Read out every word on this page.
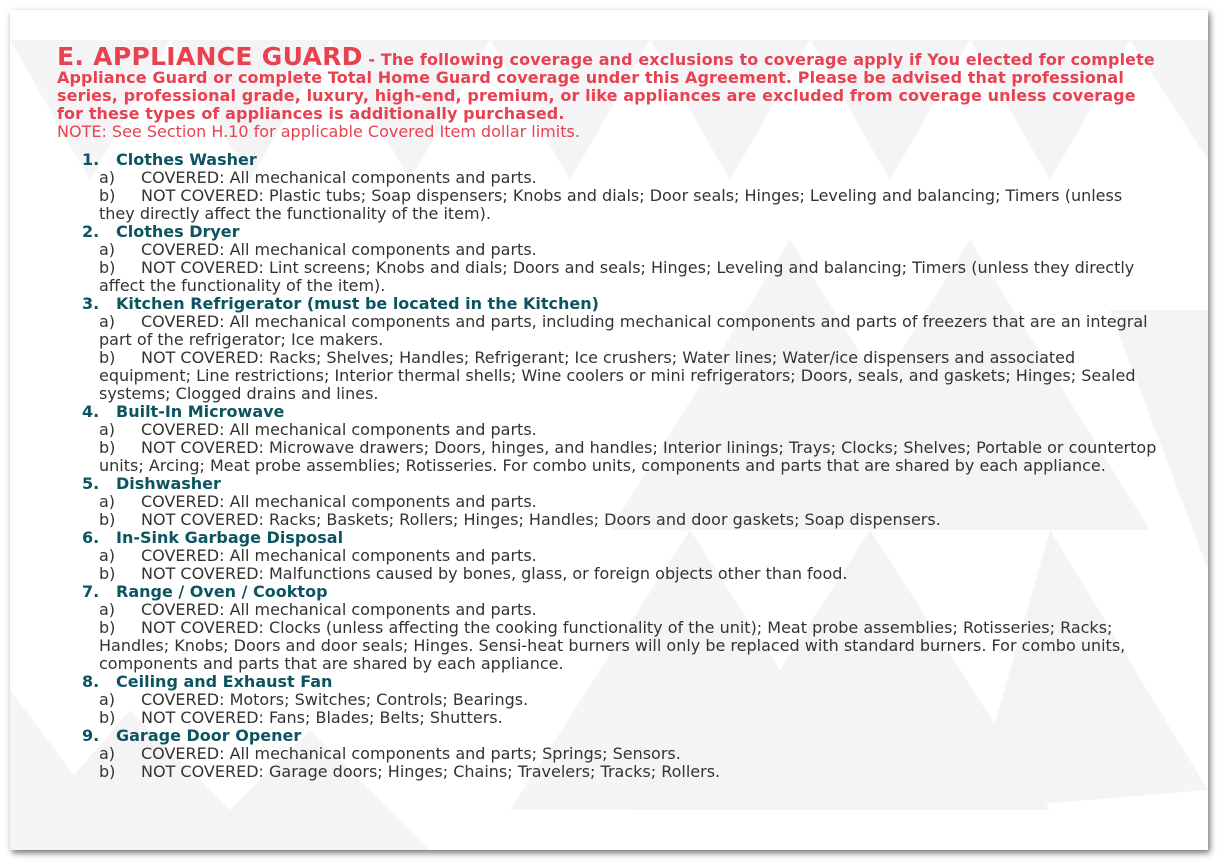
E. APPLIANCE GUARD - The following coverage and exclusions to coverage apply if You elected for complete Appliance Guard or complete Total Home Guard coverage under this Agreement. Please be advised that professional series, professional grade, luxury, high-end, premium, or like appliances are excluded from coverage unless coverage for these types of appliances is additionally purchased.
NOTE: See Section H.10 for applicable Covered Item dollar limits.
1. Clothes Washer
a) COVERED: All mechanical components and parts.
b) NOT COVERED: Plastic tubs; Soap dispensers; Knobs and dials; Door seals; Hinges; Leveling and balancing; Timers (unless they directly affect the functionality of the item).
2. Clothes Dryer
a) COVERED: All mechanical components and parts.
b) NOT COVERED: Lint screens; Knobs and dials; Doors and seals; Hinges; Leveling and balancing; Timers (unless they directly affect the functionality of the item).
3. Kitchen Refrigerator (must be located in the Kitchen)
a) COVERED: All mechanical components and parts, including mechanical components and parts of freezers that are an integral part of the refrigerator; Ice makers.
b) NOT COVERED: Racks; Shelves; Handles; Refrigerant; Ice crushers; Water lines; Water/ice dispensers and associated equipment; Line restrictions; Interior thermal shells; Wine coolers or mini refrigerators; Doors, seals, and gaskets; Hinges; Sealed systems; Clogged drains and lines.
4. Built-In Microwave
a) COVERED: All mechanical components and parts.
b) NOT COVERED: Microwave drawers; Doors, hinges, and handles; Interior linings; Trays; Clocks; Shelves; Portable or countertop units; Arcing; Meat probe assemblies; Rotisseries. For combo units, components and parts that are shared by each appliance.
5. Dishwasher
a) COVERED: All mechanical components and parts.
b) NOT COVERED: Racks; Baskets; Rollers; Hinges; Handles; Doors and door gaskets; Soap dispensers.
6. In-Sink Garbage Disposal
a) COVERED: All mechanical components and parts.
b) NOT COVERED: Malfunctions caused by bones, glass, or foreign objects other than food.
7. Range / Oven / Cooktop
a) COVERED: All mechanical components and parts.
b) NOT COVERED: Clocks (unless affecting the cooking functionality of the unit); Meat probe assemblies; Rotisseries; Racks; Handles; Knobs; Doors and door seals; Hinges. Sensi-heat burners will only be replaced with standard burners. For combo units, components and parts that are shared by each appliance.
8. Ceiling and Exhaust Fan
a) COVERED: Motors; Switches; Controls; Bearings.
b) NOT COVERED: Fans; Blades; Belts; Shutters.
9. Garage Door Opener
a) COVERED: All mechanical components and parts; Springs; Sensors.
b) NOT COVERED: Garage doors; Hinges; Chains; Travelers; Tracks; Rollers.
